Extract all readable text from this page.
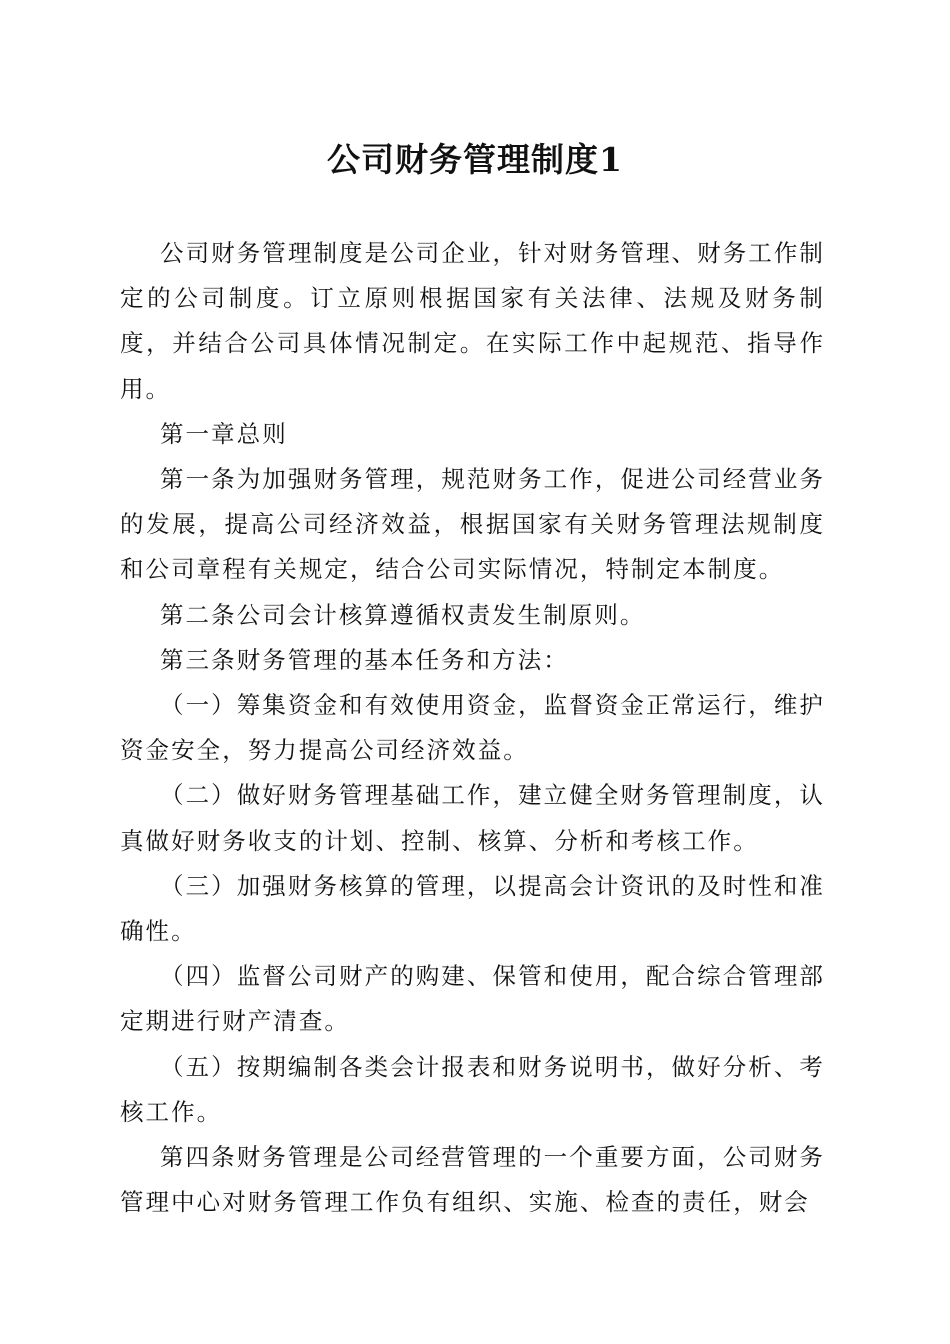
公司财务管理制度1

公司财务管理制度是公司企业，针对财务管理、财务工作制定的公司制度。订立原则根据国家有关法律、法规及财务制度，并结合公司具体情况制定。在实际工作中起规范、指导作用。

第一章总则

第一条为加强财务管理，规范财务工作，促进公司经营业务的发展，提高公司经济效益，根据国家有关财务管理法规制度和公司章程有关规定，结合公司实际情况，特制定本制度。

第二条公司会计核算遵循权责发生制原则。

第三条财务管理的基本任务和方法：

（一）筹集资金和有效使用资金，监督资金正常运行，维护资金安全，努力提高公司经济效益。

（二）做好财务管理基础工作，建立健全财务管理制度，认真做好财务收支的计划、控制、核算、分析和考核工作。

（三）加强财务核算的管理，以提高会计资讯的及时性和准确性。

（四）监督公司财产的购建、保管和使用，配合综合管理部定期进行财产清查。

（五）按期编制各类会计报表和财务说明书，做好分析、考核工作。

第四条财务管理是公司经营管理的一个重要方面，公司财务管理中心对财务管理工作负有组织、实施、检查的责任，财会
